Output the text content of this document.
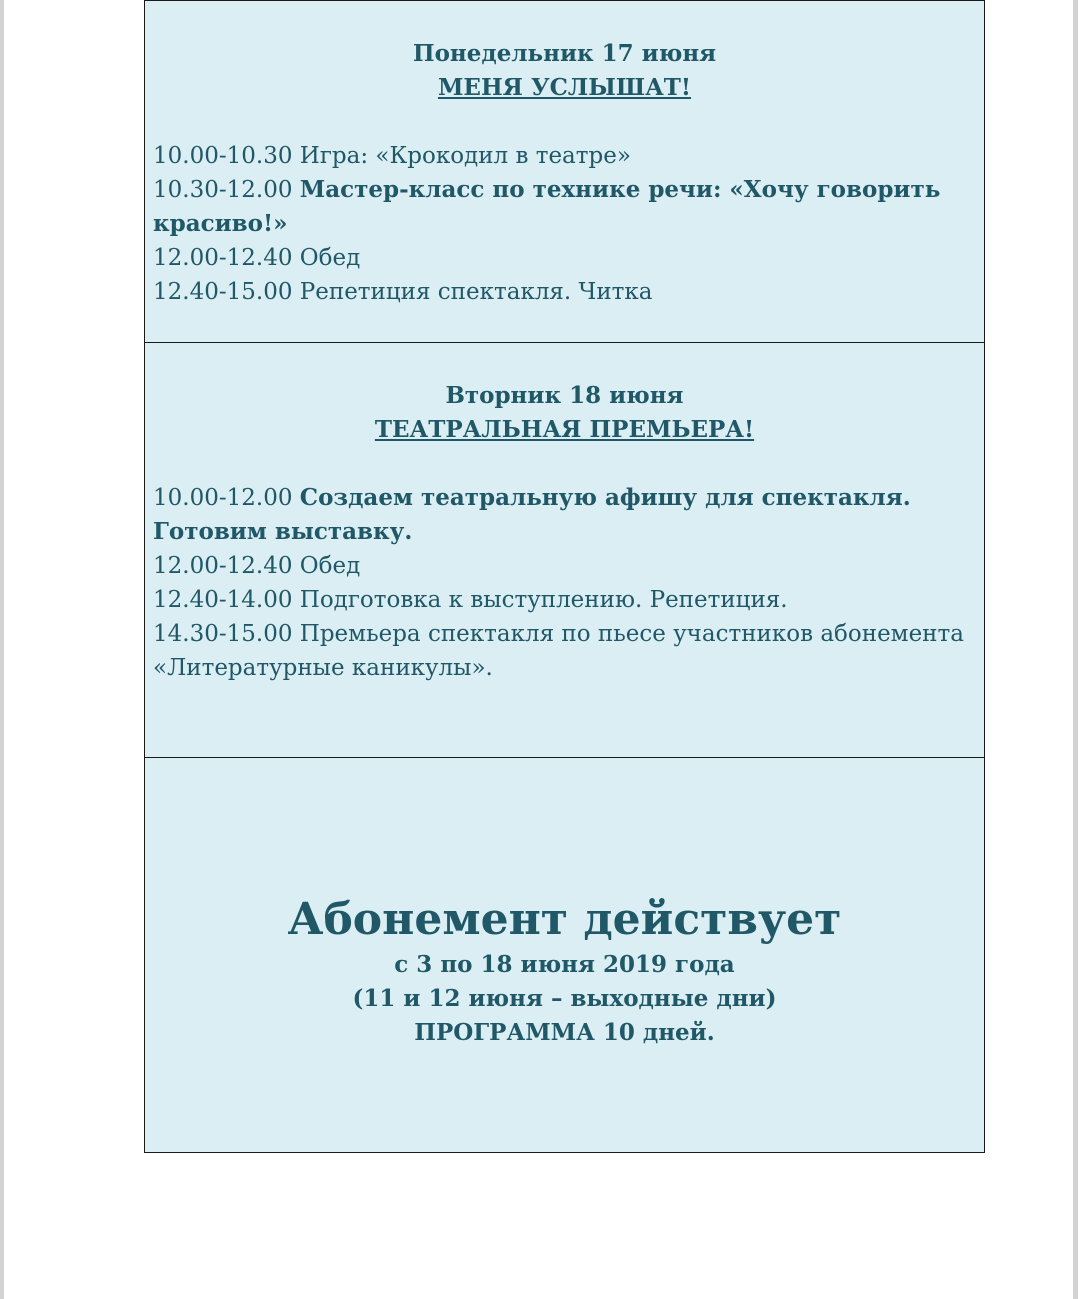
Понедельник 17 июня

МЕНЯ УСЛЫШАТ!

10.00-10.30 Игра: «Крокодил в театре»

10.30-12.00 Мастер-класс по технике речи: «Хочу говорить красиво!»

12.00-12.40 Обед

12.40-15.00 Репетиция спектакля. Читка

Вторник 18 июня

ТЕАТРАЛЬНАЯ ПРЕМЬЕРА!

10.00-12.00 Создаем театральную афишу для спектакля. Готовим выставку.

12.00-12.40 Обед

12.40-14.00 Подготовка к выступлению. Репетиция.

14.30-15.00 Премьера спектакля по пьесе участников абонемента «Литературные каникулы».

Абонемент действует

с 3 по 18 июня 2019 года

(11 и 12 июня – выходные дни)

ПРОГРАММА 10 дней.
